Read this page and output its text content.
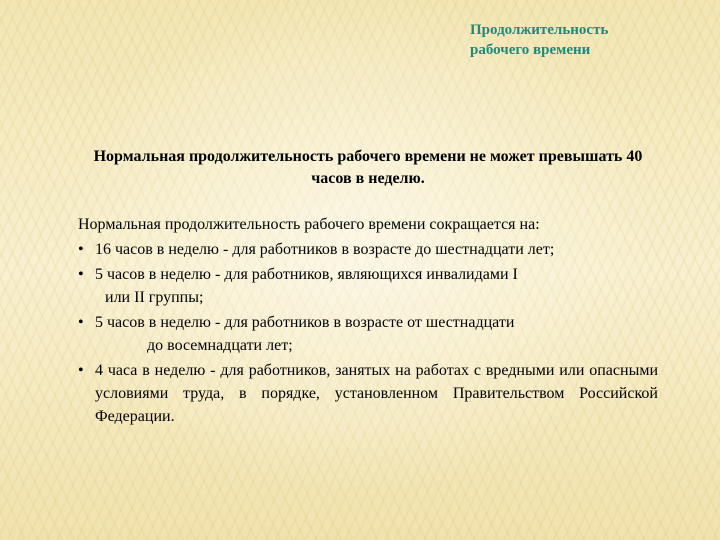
Продолжительность
рабочего времени

Нормальная продолжительность рабочего времени не может превышать 40 часов в неделю.

Нормальная продолжительность рабочего времени сокращается на:

• 16 часов в неделю - для работников в возрасте до шестнадцати лет;
• 5 часов в неделю - для работников, являющихся инвалидами I
или II группы;
• 5 часов в неделю - для работников в возрасте от шестнадцати
до восемнадцати лет;
• 4 часа в неделю - для работников, занятых на работах с вредными или опасными условиями труда, в порядке, установленном Правительством Российской Федерации.
